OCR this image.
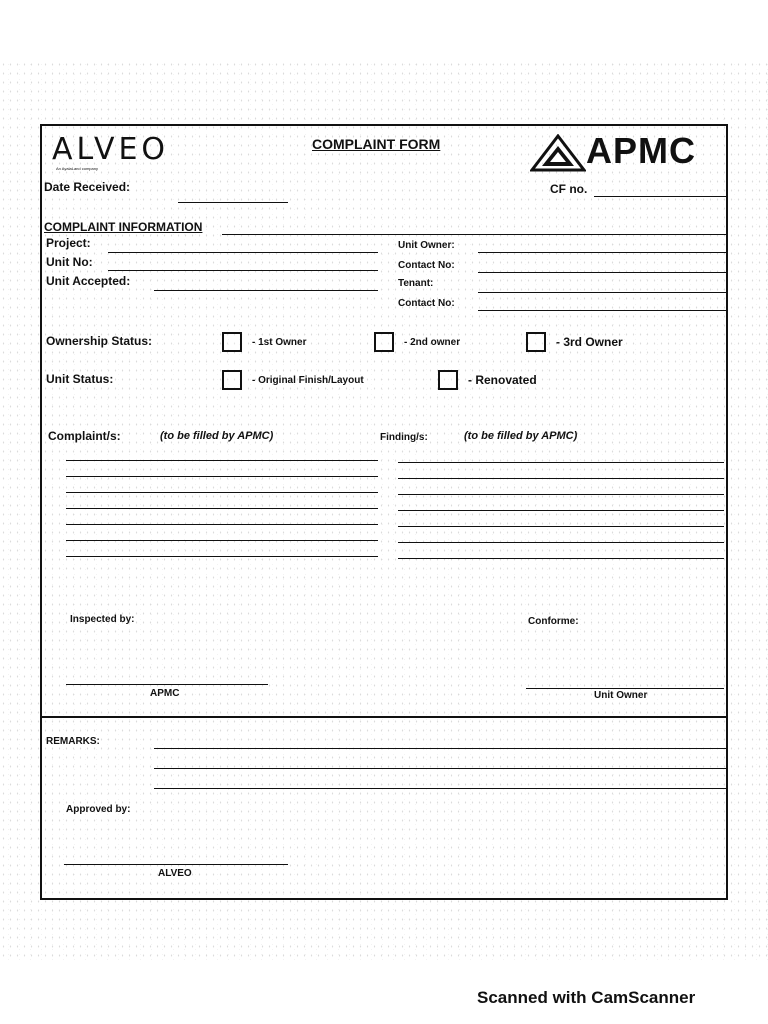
ALVEO
An AyalaLand company
COMPLAINT FORM	APMC
Date Received:	CF no.
COMPLAINT INFORMATION
Project:
Unit No:
Unit Accepted:
Unit Owner:
Contact No:
Tenant:
Contact No:
Ownership Status:	- 1st Owner	- 2nd owner	- 3rd Owner
Unit Status:	- Original Finish/Layout	- Renovated
Complaint/s:	(to be filled by APMC)	Finding/s:	(to be filled by APMC)
Inspected by:
APMC
Conforme:
Unit Owner
REMARKS:
Approved by:
ALVEO
Scanned with CamScanner
